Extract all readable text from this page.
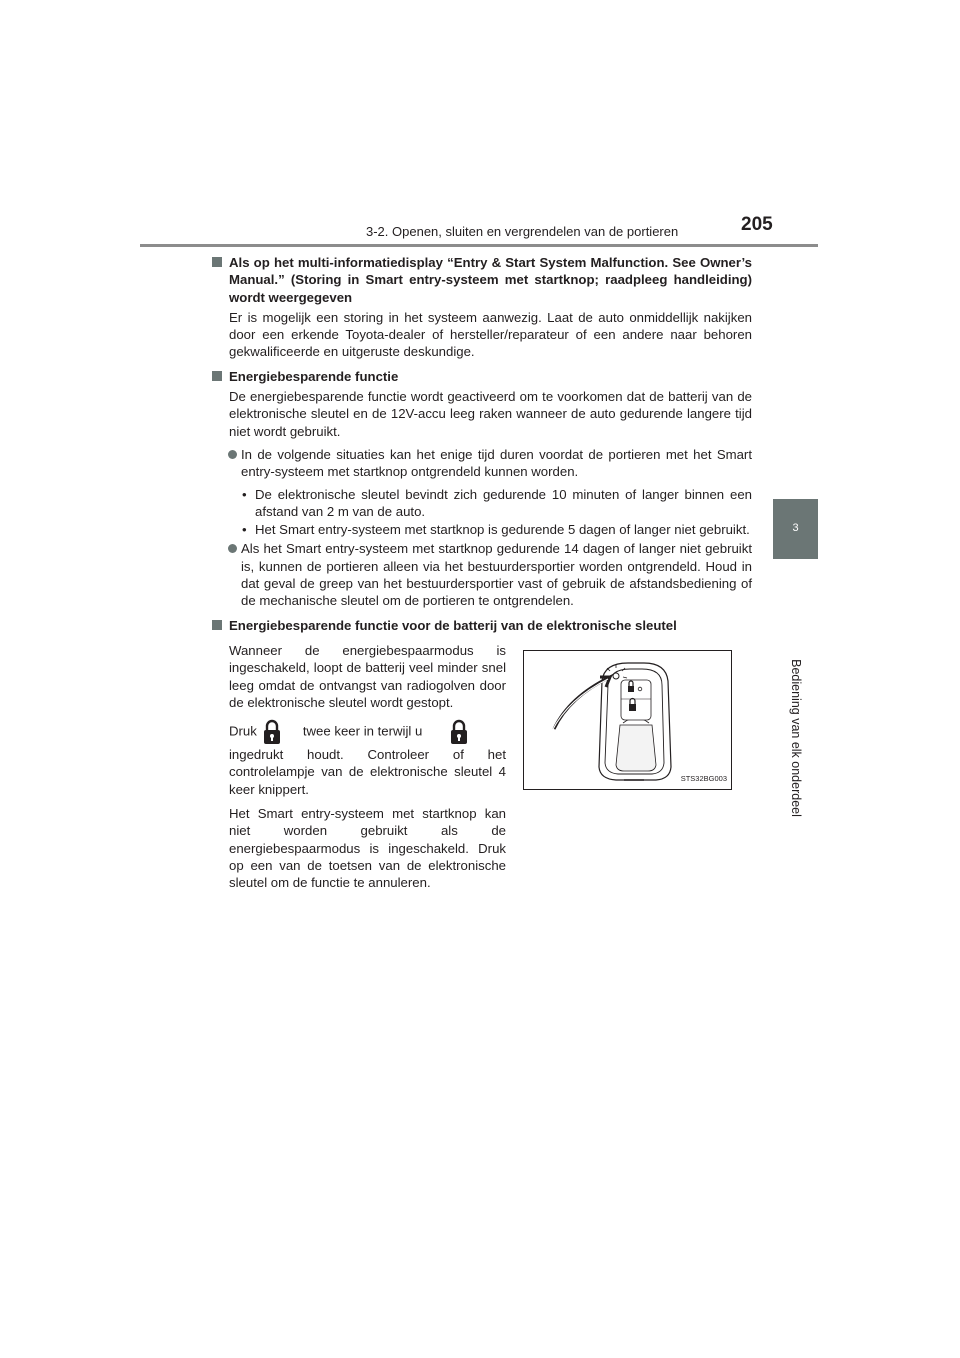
3-2. Openen, sluiten en vergrendelen van de portieren	205
3
Bediening van elk onderdeel

Als op het multi-informatiedisplay “Entry & Start System Malfunction. See Owner’s Manual.” (Storing in Smart entry-systeem met startknop; raadpleeg handleiding) wordt weergegeven

Er is mogelijk een storing in het systeem aanwezig. Laat de auto onmiddellijk nakijken door een erkende Toyota-dealer of hersteller/reparateur of een andere naar behoren gekwalificeerde en uitgeruste deskundige.

Energiebesparende functie

De energiebesparende functie wordt geactiveerd om te voorkomen dat de batterij van de elektronische sleutel en de 12V-accu leeg raken wanneer de auto gedurende langere tijd niet wordt gebruikt.

In de volgende situaties kan het enige tijd duren voordat de portieren met het Smart entry-systeem met startknop ontgrendeld kunnen worden.

• De elektronische sleutel bevindt zich gedurende 10 minuten of langer binnen een afstand van 2 m van de auto.

• Het Smart entry-systeem met startknop is gedurende 5 dagen of langer niet gebruikt.

Als het Smart entry-systeem met startknop gedurende 14 dagen of langer niet gebruikt is, kunnen de portieren alleen via het bestuurdersportier worden ontgrendeld. Houd in dat geval de greep van het bestuurdersportier vast of gebruik de afstandsbediening of de mechanische sleutel om de portieren te ontgrendelen.

Energiebesparende functie voor de batterij van de elektronische sleutel

Wanneer de energiebespaarmodus is ingeschakeld, loopt de batterij veel minder snel leeg omdat de ontvangst van radiogolven door de elektronische sleutel wordt gestopt.

Druk	twee keer in terwijl u
ingedrukt houdt. Controleer of het controlelampje van de elektronische sleutel 4 keer knippert.

Het Smart entry-systeem met startknop kan niet worden gebruikt als de energiebespaarmodus is ingeschakeld. Druk op een van de toetsen van de elektronische sleutel om de functie te annuleren.

STS32BG003
